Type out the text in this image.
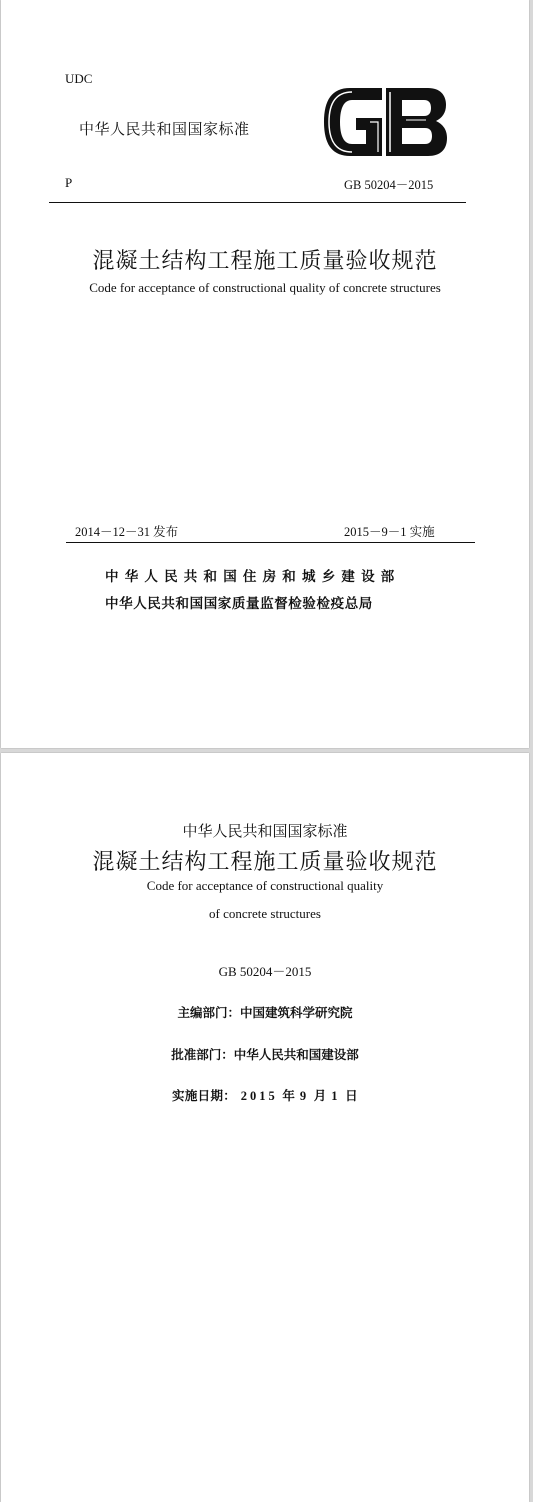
UDC
中华人民共和国国家标准
P	GB 50204－2015
混凝土结构工程施工质量验收规范
Code for acceptance of constructional quality of concrete structures
2014－12－31 发布	2015－9－1 实施
中华人民共和国住房和城乡建设部
中华人民共和国国家质量监督检验检疫总局
中华人民共和国国家标准
混凝土结构工程施工质量验收规范
Code for acceptance of constructional quality
of concrete structures
GB 50204－2015
主编部门：中国建筑科学研究院
批准部门：中华人民共和国建设部
实施日期： 2015 年 9 月 1 日
